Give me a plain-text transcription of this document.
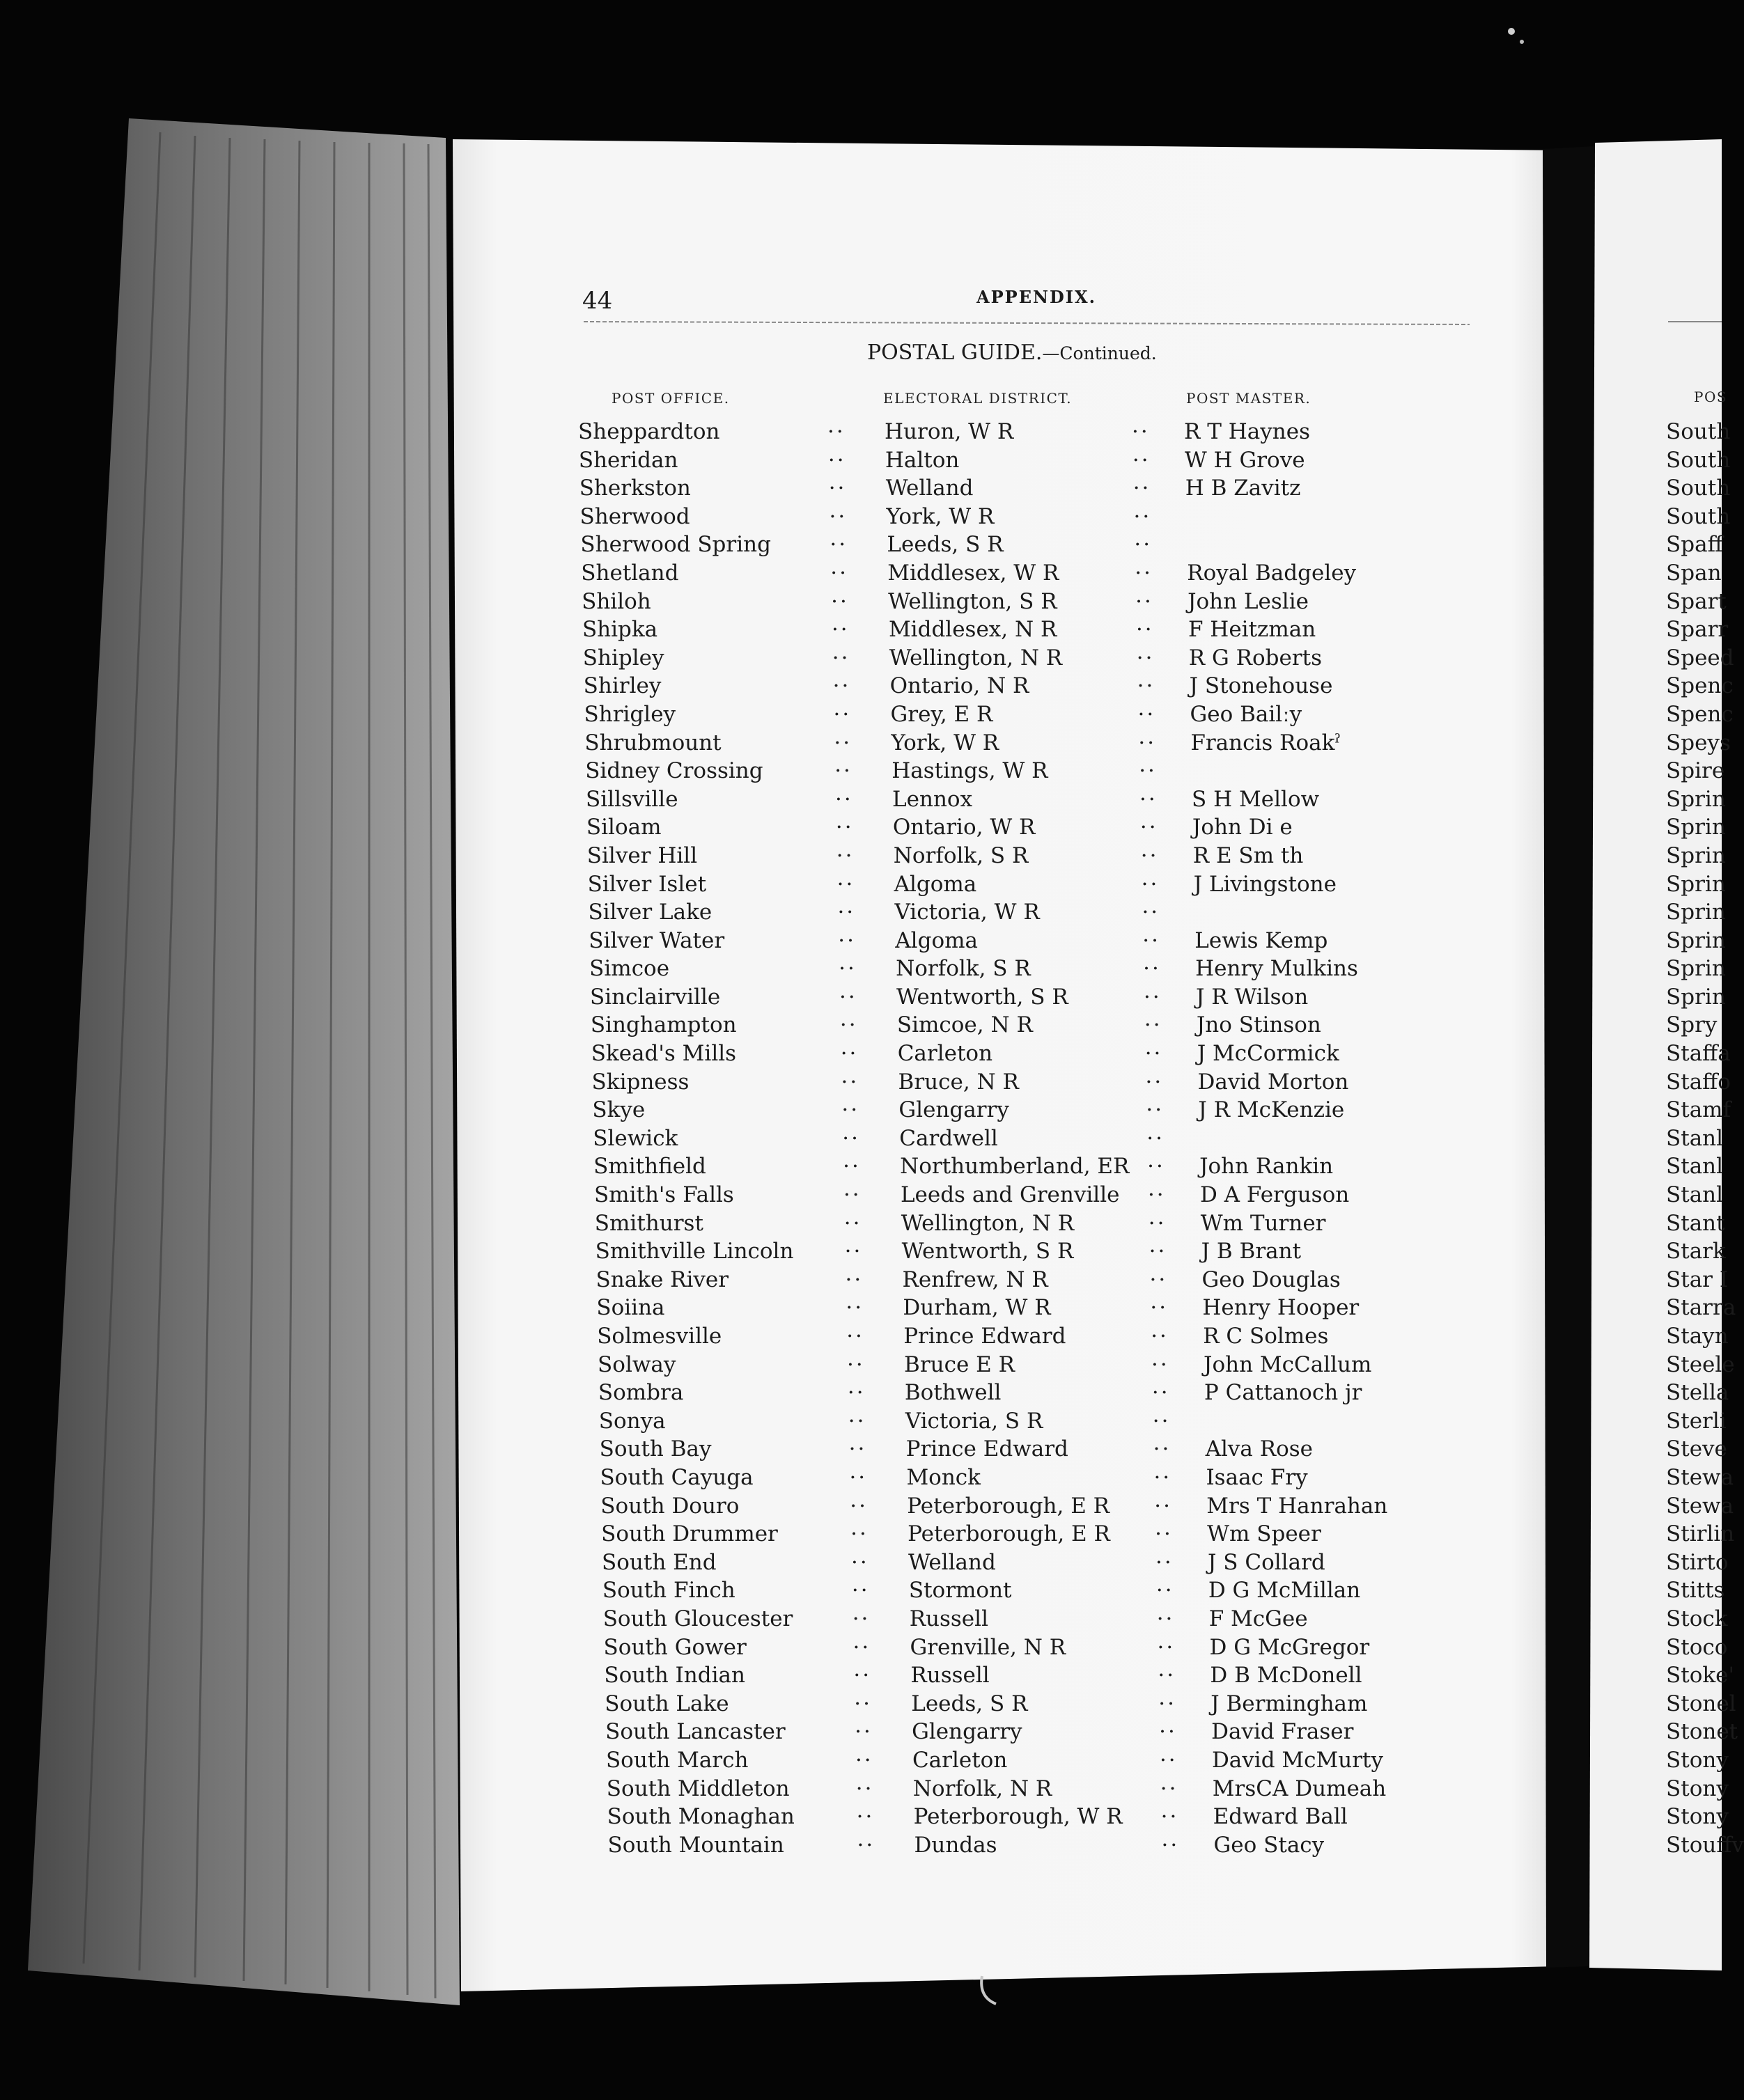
44	APPENDIX.
POSTAL GUIDE.—Continued.
POST OFFICE.	ELECTORAL DISTRICT.	POST MASTER.
Sheppardton	·· Huron, W R	·· R T Haynes
Sheridan	·· Halton	·· W H Grove
Sherkston	·· Welland	·· H B Zavitz
Sherwood	·· York, W R	··
Sherwood Spring	·· Leeds, S R	··
Shetland	·· Middlesex, W R	·· Royal Badgeley
Shiloh	·· Wellington, S R	·· John Leslie
Shipka	·· Middlesex, N R	·· F Heitzman
Shipley	·· Wellington, N R	·· R G Roberts
Shirley	·· Ontario, N R	·· J Stonehouse
Shrigley	·· Grey, E R	·· Geo Bailːy
Shrubmount	·· York, W R	·· Francis Roakˀ
Sidney Crossing	·· Hastings, W R	··
Sillsville	·· Lennox	·· S H Mellow
Siloam	·· Ontario, W R	·· John Di e
Silver Hill	·· Norfolk, S R	·· R E Sm th
Silver Islet	·· Algoma	·· J Livingstone
Silver Lake	·· Victoria, W R	··
Silver Water	·· Algoma	·· Lewis Kemp
Simcoe	·· Norfolk, S R	·· Henry Mulkins
Sinclairville	·· Wentworth, S R	·· J R Wilson
Singhampton	·· Simcoe, N R	·· Jno Stinson
Skead's Mills	·· Carleton	·· J McCormick
Skipness	·· Bruce, N R	·· David Morton
Skye	·· Glengarry	·· J R McKenzie
Slewick	·· Cardwell	··
Smithfield	·· Northumberland, ER ·· John Rankin
Smith's Falls	·· Leeds and Grenville ·· D A Ferguson
Smithurst	·· Wellington, N R	·· Wm Turner
Smithville Lincoln ·· Wentworth, S R	·· J B Brant
Snake River	·· Renfrew, N R	·· Geo Douglas
Soiina	·· Durham, W R	·· Henry Hooper
Solmesville	·· Prince Edward	·· R C Solmes
Solway	·· Bruce E R	·· John McCallum
Sombra	·· Bothwell	·· P Cattanoch jr
Sonya	·· Victoria, S R	··
South Bay	·· Prince Edward	·· Alva Rose
South Cayuga	·· Monck	·· Isaac Fry
South Douro	·· Peterborough, E R ·· Mrs T Hanrahan
South Drummer	·· Peterborough, E R ·· Wm Speer
South End	·· Welland	·· J S Collard
South Finch	·· Stormont	·· D G McMillan
South Gloucester	·· Russell	·· F McGee
South Gower	·· Grenville, N R	·· D G McGregor
South Indian	·· Russell	·· D B McDonell
South Lake	·· Leeds, S R	·· J Bermingham
South Lancaster	·· Glengarry	·· David Fraser
South March	·· Carleton	·· David McMurty
South Middleton	·· Norfolk, N R	·· MrsCA Dumeah
South Monaghan	·· Peterborough, W R ·· Edward Ball
South Mountain	·· Dundas	·· Geo Stacy
POS
South
South
South
South
Spaff
Span
Spart
Sparr
Speed
Spenc
Spenc
Speys
Spire
Sprin
Sprin
Sprin
Sprin
Sprin
Sprin
Sprin
Sprin
Spry
Staffa
Staffo
Stamf
Stanl
Stanl
Stanl
Stant
Stark
Star I
Starra
Stayn
Steele
Stella
Sterli
Steve
Stewa
Stewa
Stirlin
Stirto
Stitts
Stock
Stoco
Stoke'
Stonel
Stonet
Stony
Stony
Stony
Stouffv
